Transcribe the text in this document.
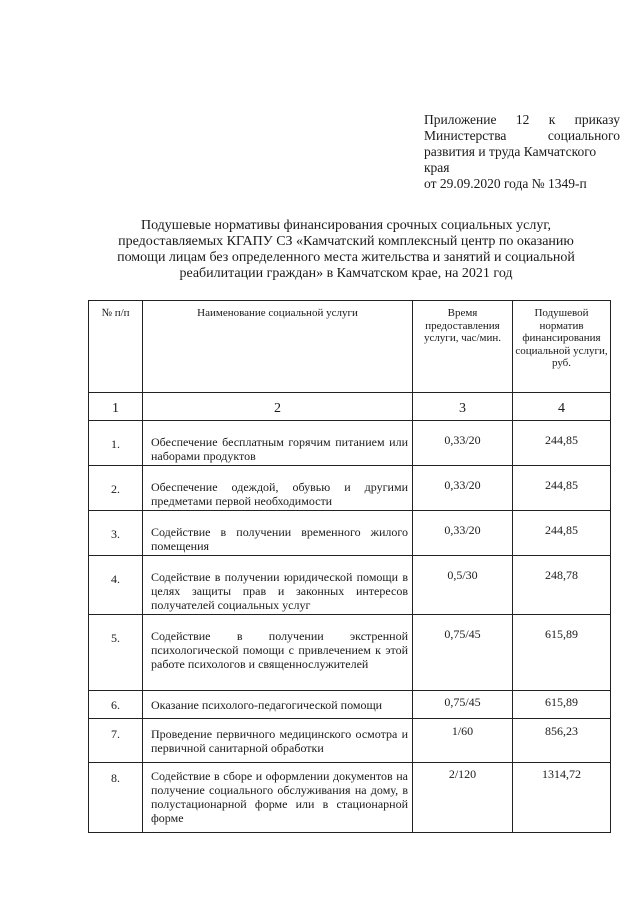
Приложение 12 к приказу
Министерства социального
развития и труда Камчатского
края
от 29.09.2020 года № 1349-п
Подушевые нормативы финансирования срочных социальных услуг,
предоставляемых КГАПУ СЗ «Камчатский комплексный центр по оказанию
помощи лицам без определенного места жительства и занятий и социальной
реабилитации граждан» в Камчатском крае, на 2021 год
№ п/п	Наименование социальной услуги	Время предоставления услуги, час/мин.	Подушевой норматив финансирования социальной услуги, руб.
1	2	3	4
1.	Обеспечение бесплатным горячим питанием или наборами продуктов	0,33/20	244,85
2.	Обеспечение одеждой, обувью и другими предметами первой необходимости	0,33/20	244,85
3.	Содействие в получении временного жилого помещения	0,33/20	244,85
4.	Содействие в получении юридической помощи в целях защиты прав и законных интересов получателей социальных услуг	0,5/30	248,78
5.	Содействие в получении экстренной психологической помощи с привлечением к этой работе психологов и священнослужителей	0,75/45	615,89
6.	Оказание психолого-педагогической помощи	0,75/45	615,89
7.	Проведение первичного медицинского осмотра и первичной санитарной обработки	1/60	856,23
8.	Содействие в сборе и оформлении документов на получение социального обслуживания на дому, в полустационарной форме или в стационарной форме	2/120	1314,72
